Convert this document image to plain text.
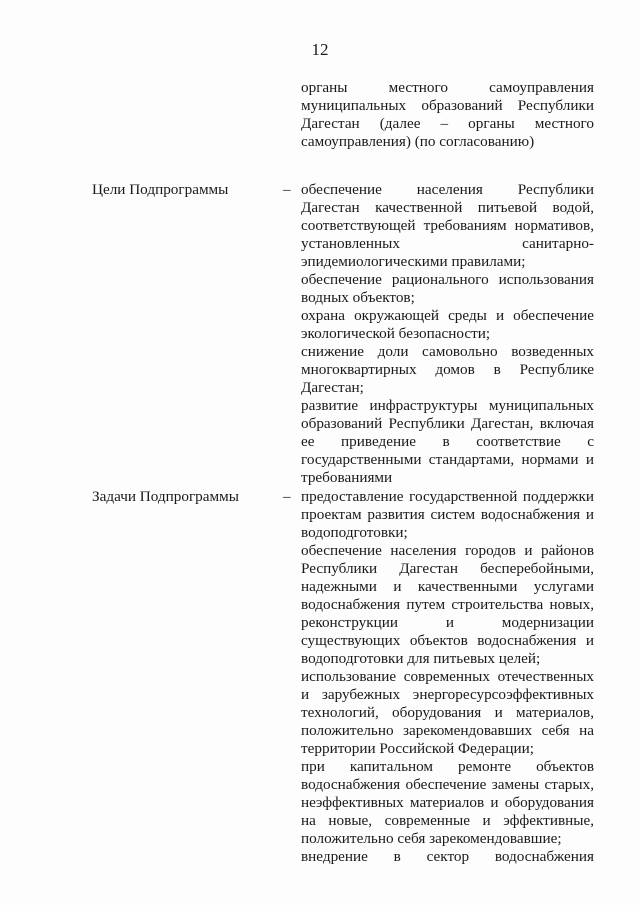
12

органы местного самоуправления муниципальных образований Республики Дагестан (далее – органы местного самоуправления) (по согласованию)

Цели Подпрограммы	– обеспечение населения Республики Дагестан качественной питьевой водой, соответствующей требованиям нормативов, установленных санитарно-эпидемиологическими правилами;

обеспечение рационального использования водных объектов;

охрана окружающей среды и обеспечение экологической безопасности;

снижение доли самовольно возведенных многоквартирных домов в Республике Дагестан;

развитие инфраструктуры муниципальных образований Республики Дагестан, включая ее приведение в соответствие с государственными стандартами, нормами и требованиями

Задачи Подпрограммы	– предоставление государственной поддержки проектам развития систем водоснабжения и водоподготовки;

обеспечение населения городов и районов Республики Дагестан бесперебойными, надежными и качественными услугами водоснабжения путем строительства новых, реконструкции и модернизации существующих объектов водоснабжения и водоподготовки для питьевых целей;

использование современных отечественных и зарубежных энергоресурсоэффективных технологий, оборудования и материалов, положительно зарекомендовавших себя на территории Российской Федерации;

при капитальном ремонте объектов водоснабжения обеспечение замены старых, неэффективных материалов и оборудования на новые, современные и эффективные, положительно себя зарекомендовавшие;

внедрение в сектор водоснабжения
